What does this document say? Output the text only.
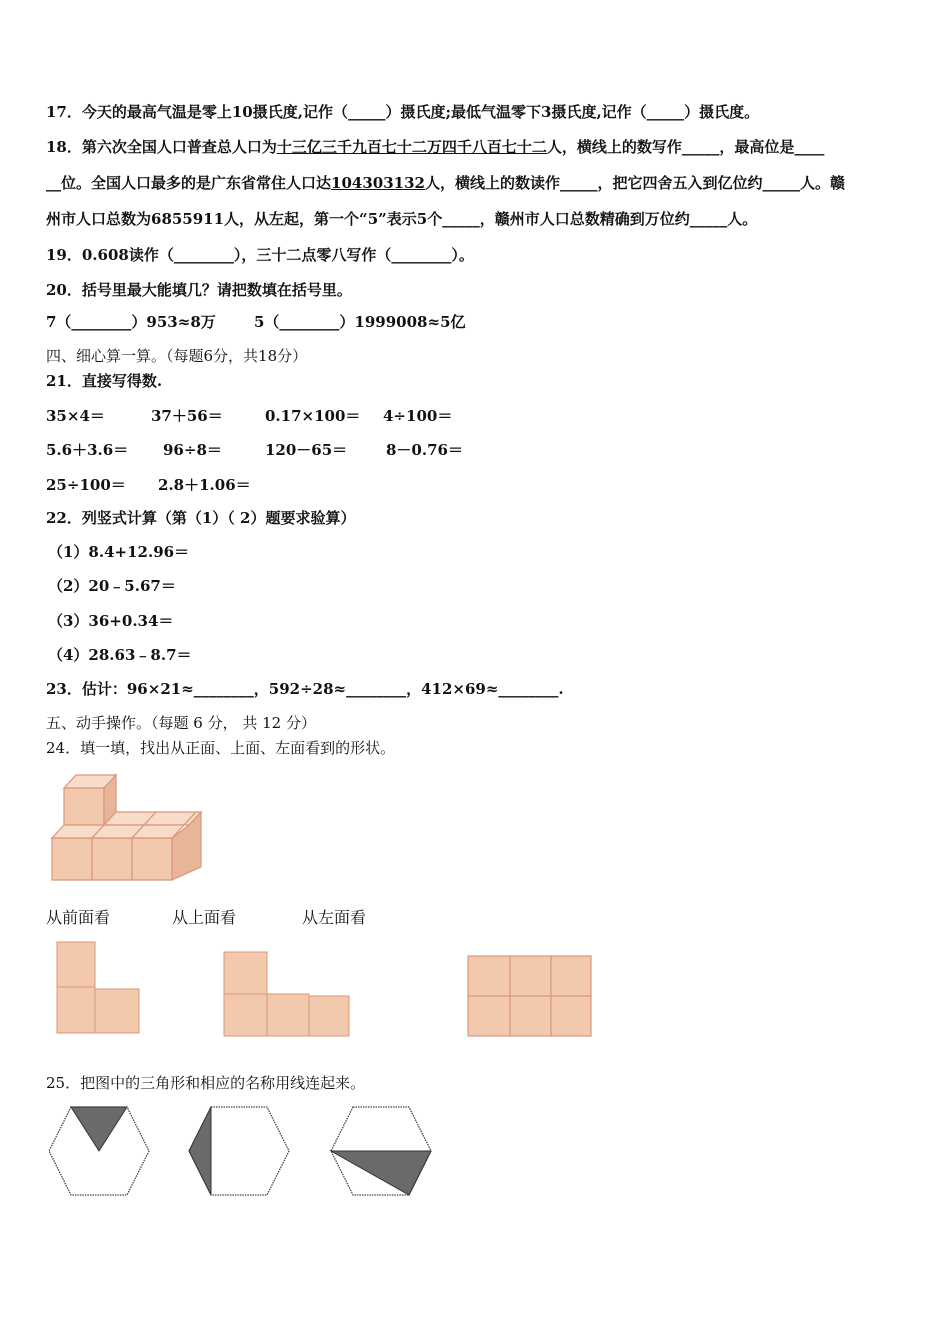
17．今天的最高气温是零上10摄氏度,记作（_____）摄氏度;最低气温零下3摄氏度,记作（_____）摄氏度。
18．第六次全国人口普查总人口为十三亿三千九百七十二万四千八百七十二人，横线上的数写作_____，最高位是____
__位。全国人口最多的是广东省常住人口达104303132人，横线上的数读作_____，把它四舍五入到亿位约_____人。赣
州市人口总数为6855911人，从左起，第一个“5”表示5个_____，赣州市人口总数精确到万位约_____人。
19．0.608读作（________），三十二点零八写作（________）。
20．括号里最大能填几？请把数填在括号里。
7（________）953≈8万	5（________）1999008≈5亿
四、细心算一算。（每题6分，共18分）
21．直接写得数.
35×4＝	37＋56＝	0.17×100＝ 4÷100＝
5.6＋3.6＝ 96÷8＝	120－65＝	8－0.76＝
25÷100＝ 2.8＋1.06＝
22．列竖式计算（第（1）（ 2）题要求验算）
（1）8.4+12.96＝
（2）20﹣5.67＝
（3）36+0.34＝
（4）28.63﹣8.7＝
23．估计：96×21≈________，592÷28≈________，412×69≈________.
五、动手操作。（每题 6 分， 共 12 分）
24．填一填，找出从正面、上面、左面看到的形状。
从前面看	从上面看	从左面看
25．把图中的三角形和相应的名称用线连起来。
